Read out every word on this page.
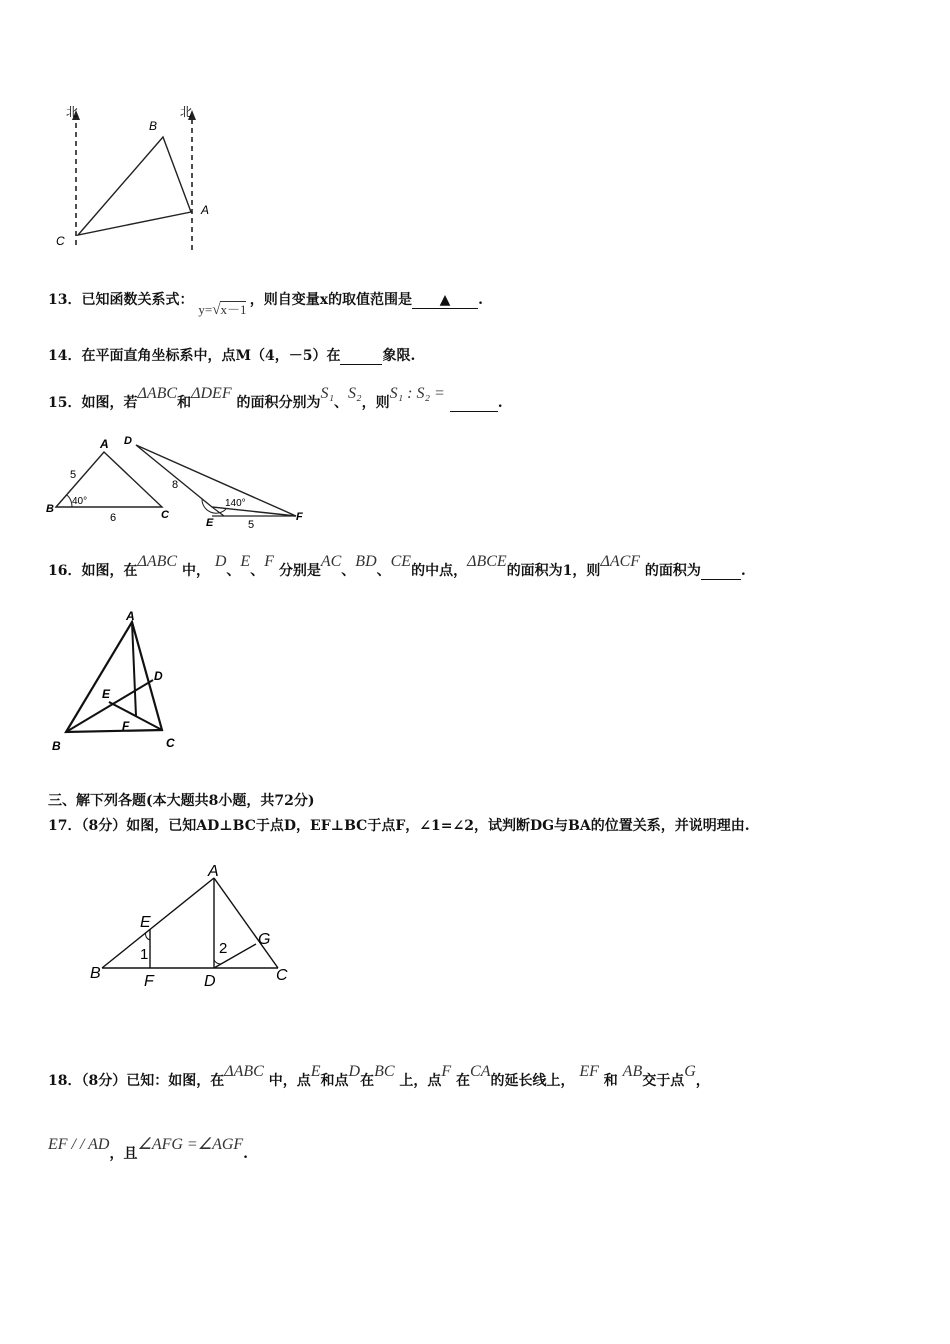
北	北
B
A
C
13．已知函数关系式： y=√x－1 ，则自变量x的取值范围是 ▲ .
14．在平面直角坐标系中，点M（4，－5）在	象限.
15．如图，若ΔABC和ΔDEF 的面积分别为S₁、S₂，则S₁ : S₂ =  .
A
B	C
5
6
40°
D
E	F
8
5
140°
16．如图，在ΔABC 中， D、E、F 分别是AC、BD、CE的中点，ΔBCE的面积为1，则ΔACF 的面积为	.
A
B	C
D
E
F
三、解下列各题(本大题共8小题，共72分)
17．（8分）如图，已知AD⊥BC于点D，EF⊥BC于点F，∠1=∠2，试判断DG与BA的位置关系，并说明理由.
A
B	C
D
E
F
G
1	2
18．（8分）已知：如图，在ΔABC 中，点E和点D在BC 上，点F 在CA的延长线上， EF 和 AB交于点G，
EF / / AD，且∠AFG =∠AGF.
